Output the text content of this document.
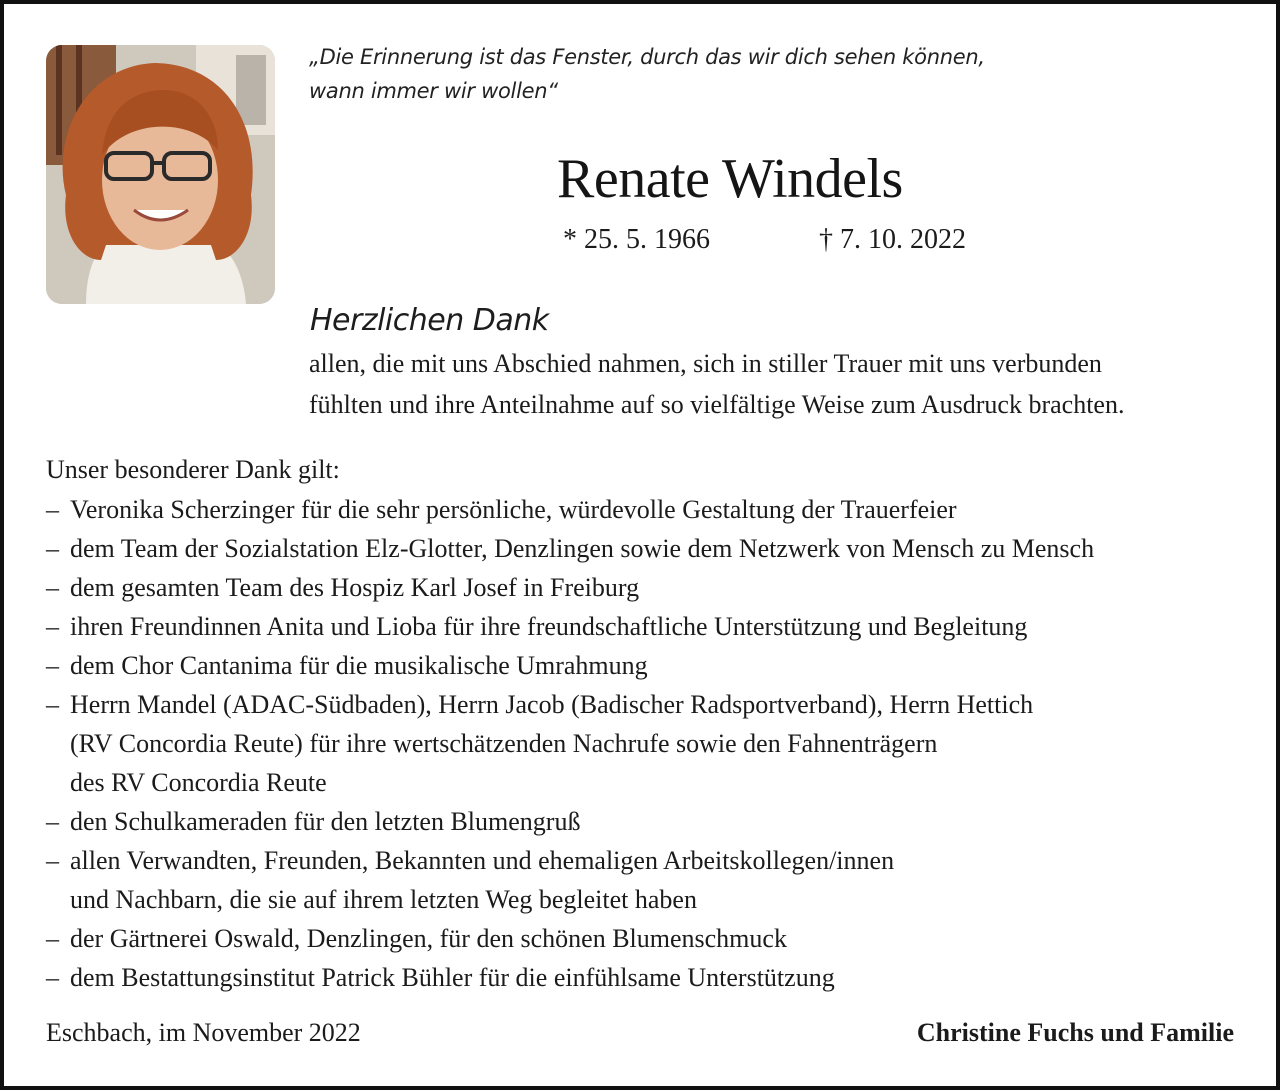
„Die Erinnerung ist das Fenster, durch das wir dich sehen können,
wann immer wir wollen“
Renate Windels
* 25. 5. 1966	† 7. 10. 2022
Herzlichen Dank
allen, die mit uns Abschied nahmen, sich in stiller Trauer mit uns verbunden
fühlten und ihre Anteilnahme auf so vielfältige Weise zum Ausdruck brachten.
Unser besonderer Dank gilt:
– Veronika Scherzinger für die sehr persönliche, würdevolle Gestaltung der Trauerfeier
– dem Team der Sozialstation Elz-Glotter, Denzlingen sowie dem Netzwerk von Mensch zu Mensch
– dem gesamten Team des Hospiz Karl Josef in Freiburg
– ihren Freundinnen Anita und Lioba für ihre freundschaftliche Unterstützung und Begleitung
– dem Chor Cantanima für die musikalische Umrahmung
– Herrn Mandel (ADAC-Südbaden), Herrn Jacob (Badischer Radsportverband), Herrn Hettich
(RV Concordia Reute) für ihre wertschätzenden Nachrufe sowie den Fahnenträgern
des RV Concordia Reute
– den Schulkameraden für den letzten Blumengruß
– allen Verwandten, Freunden, Bekannten und ehemaligen Arbeitskollegen/innen
und Nachbarn, die sie auf ihrem letzten Weg begleitet haben
– der Gärtnerei Oswald, Denzlingen, für den schönen Blumenschmuck
– dem Bestattungsinstitut Patrick Bühler für die einfühlsame Unterstützung
Eschbach, im November 2022	Christine Fuchs und Familie
